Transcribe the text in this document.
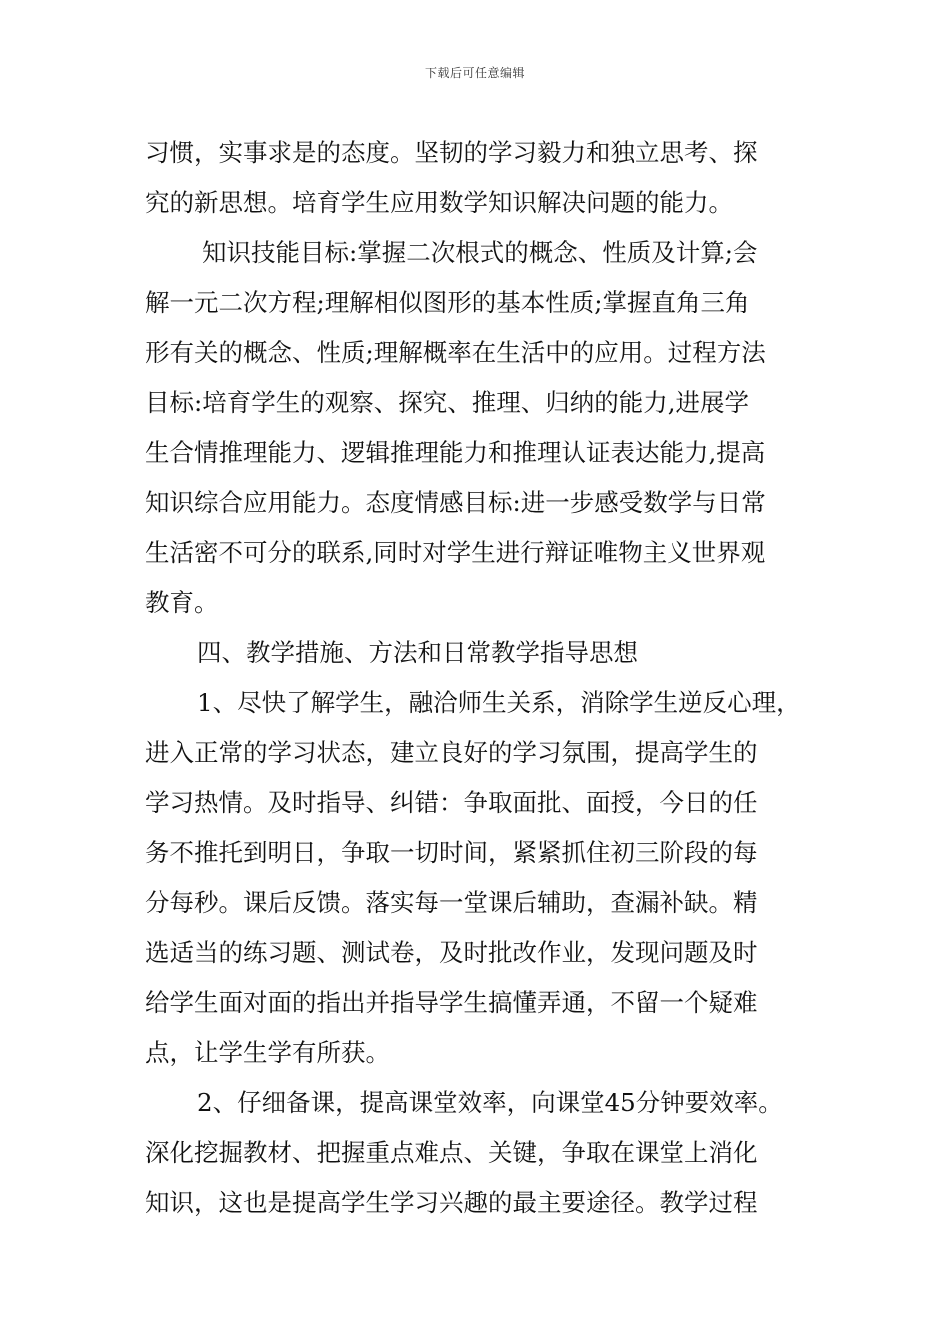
下载后可任意编辑
习惯，实事求是的态度。坚韧的学习毅力和独立思考、探
究的新思想。培育学生应用数学知识解决问题的能力。
知识技能目标:掌握二次根式的概念、性质及计算;会
解一元二次方程;理解相似图形的基本性质;掌握直角三角
形有关的概念、性质;理解概率在生活中的应用。过程方法
目标:培育学生的观察、探究、推理、归纳的能力,进展学
生合情推理能力、逻辑推理能力和推理认证表达能力,提高
知识综合应用能力。态度情感目标:进一步感受数学与日常
生活密不可分的联系,同时对学生进行辩证唯物主义世界观
教育。
四、教学措施、方法和日常教学指导思想
1、尽快了解学生，融洽师生关系，消除学生逆反心理，
进入正常的学习状态，建立良好的学习氛围，提高学生的
学习热情。及时指导、纠错：争取面批、面授，今日的任
务不推托到明日，争取一切时间，紧紧抓住初三阶段的每
分每秒。课后反馈。落实每一堂课后辅助，查漏补缺。精
选适当的练习题、测试卷，及时批改作业，发现问题及时
给学生面对面的指出并指导学生搞懂弄通，不留一个疑难
点，让学生学有所获。
2、仔细备课，提高课堂效率，向课堂45分钟要效率。
深化挖掘教材、把握重点难点、关键，争取在课堂上消化
知识，这也是提高学生学习兴趣的最主要途径。教学过程
